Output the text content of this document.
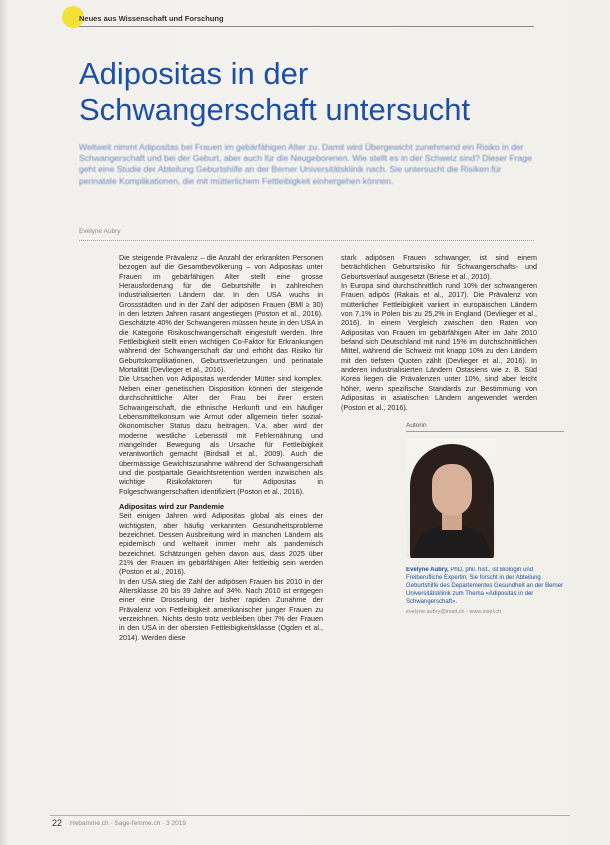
Neues aus Wissenschaft und Forschung
Adipositas in der
Schwangerschaft untersucht
Weltweit nimmt Adipositas bei Frauen im gebärfähigen Alter zu. Damit wird Übergewicht zunehmend ein Risiko in der Schwangerschaft und bei der Geburt, aber auch für die Neugeborenen. Wie stellt es in der Schweiz sind? Dieser Frage geht eine Studie der Abteilung Geburtshilfe an der Berner Universitätsklinik nach. Sie untersucht die Risiken für perinatale Komplikationen, die mit mütterlichem Fettleibigkeit einhergehen können.
Evelyne Aubry

Die steigende Prävalenz – die Anzahl der erkrankten Personen bezogen auf die Gesamtbevölkerung – von Adipositas unter Frauen im gebärfähigen Alter stellt eine grosse Herausforderung für die Geburtshilfe in zahlreichen industrialisierten Ländern dar. In den USA wuchs in Grossstädten und in der Zahl der adipösen Frauen (BMI ≥ 30) in den letzten Jahren rasant angestiegen (Poston et al., 2016). Geschätzte 40% der Schwangeren müssen heute in den USA in die Kategorie Risikoschwangerschaft eingestuft werden. Ihre Fettleibigkeit stellt einen wichtigen Co-Faktor für Erkrankungen während der Schwangerschaft dar und erhöht das Risiko für Geburtskomplikationen, Geburtsverletzungen und perinatale Mortalität (Devlieger et al., 2016).

Die Ursachen von Adipositas werdender Mütter sind komplex. Neben einer genetischen Disposition können der steigende durchschnittliche Alter der Frau bei ihrer ersten Schwangerschaft, die ethnische Herkunft und ein häufiger Lebensmittelkonsum wie Armut oder allgemein tiefer sozial-ökonomischer Status dazu beitragen. V.a. aber wird der moderne westliche Lebensstil mit Fehlernährung und mangelnder Bewegung als Ursache für Fettleibigkeit verantwortlich gemacht (Birdsall et al., 2009). Auch die übermässige Gewichtszunahme während der Schwangerschaft und die postpartale Gewichtsretention werden inzwischen als wichtige Risikofaktoren für Adipositas in Folgeschwangerschaften identifiziert (Poston et al., 2016).

Adipositas wird zur Pandemie

Seit einigen Jahren wird Adipositas global als eines der wichtigsten, aber häufig verkannten Gesundheitsprobleme bezeichnet. Dessen Ausbreitung wird in manchen Ländern als epidemisch und weltweit immer mehr als pandemisch bezeichnet. Schätzungen gehen davon aus, dass 2025 über 21% der Frauen im gebärfähigen Alter fettleibig sein werden (Poston et al., 2016).

In den USA stieg die Zahl der adipösen Frauen bis 2010 in der Altersklasse 20 bis 39 Jahre auf 34%. Nach 2010 ist entgegen einer eine Drosselung der bisher rapiden Zunahme der Prävalenz von Fettleibigkeit amerikanischer junger Frauen zu verzeichnen. Nichts desto trotz verbleiben über 7% der Frauen in den USA in der obersten Fettleibigkeitsklasse (Ogden et al., 2014). Werden diese

stark adipösen Frauen schwanger, ist sind einem beträchtlichen Geburtsrisiko für Schwangerschafts- und Geburtsverlauf ausgesetzt (Briese et al., 2010).

In Europa sind durchschnittlich rund 10% der schwangeren Frauen adipös (Rakais et al., 2017). Die Prävalenz von mütterlicher Fettleibigkeit variiert in europäischen Ländern von 7,1% in Polen bis zu 25,2% in England (Devlieger et al., 2016). In einem Vergleich zwischen den Raten von Adipositas von Frauen im gebärfähigen Alter im Jahr 2010 befand sich Deutschland mit rund 15% im durchschnittlichen Mittel, während die Schweiz mit knapp 10% zu den Ländern mit den tiefsten Quoten zählt (Devlieger et al., 2016). In anderen industrialisierten Ländern Ostasiens wie z. B. Süd Korea liegen die Prävalenzen unter 10%, sind aber leicht höher, wenn spezifische Standards zur Bestimmung von Adipositas in asiatischen Ländern angewendet werden (Poston et al., 2016).

Autorin
Evelyne Aubry, PhD, phil. hist., ist Biologin und Freiberufliche Expertin; Sie forscht in der Abteilung Geburtshilfe des Departementes Gesundheit an der Berner Universitätsklinik zum Thema «Adipositas in der Schwangerschaft».
evelyne.aubry@insel.ch · www.insel.ch
22 Hebamme.ch · Sage-femme.ch · 3 2019
